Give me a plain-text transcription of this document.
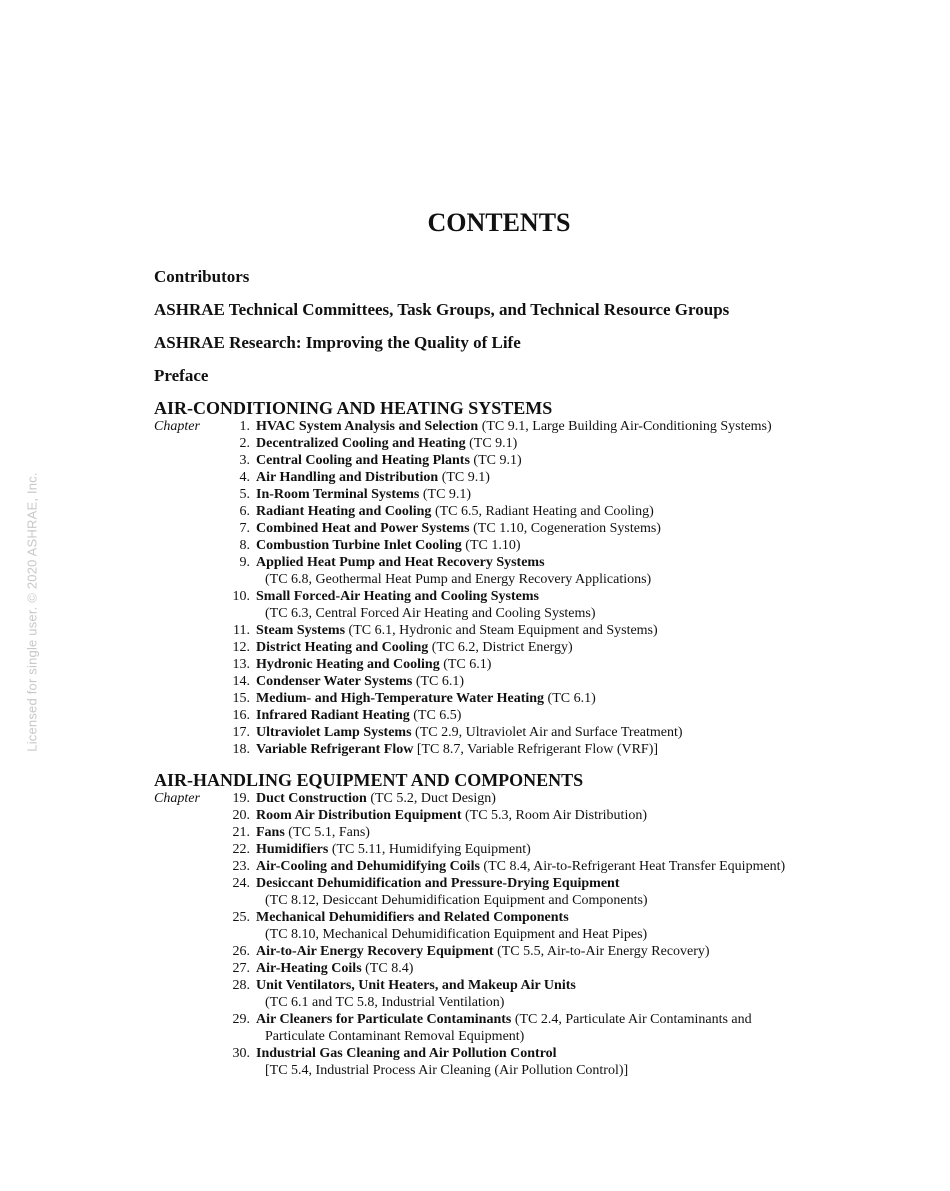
Licensed for single user. © 2020 ASHRAE, Inc.
CONTENTS
Contributors
ASHRAE Technical Committees, Task Groups, and Technical Resource Groups
ASHRAE Research: Improving the Quality of Life
Preface
AIR-CONDITIONING AND HEATING SYSTEMS
Chapter	1. HVAC System Analysis and Selection (TC 9.1, Large Building Air-Conditioning Systems)
2. Decentralized Cooling and Heating (TC 9.1)
3. Central Cooling and Heating Plants (TC 9.1)
4. Air Handling and Distribution (TC 9.1)
5. In-Room Terminal Systems (TC 9.1)
6. Radiant Heating and Cooling (TC 6.5, Radiant Heating and Cooling)
7. Combined Heat and Power Systems (TC 1.10, Cogeneration Systems)
8. Combustion Turbine Inlet Cooling (TC 1.10)
9. Applied Heat Pump and Heat Recovery Systems
(TC 6.8, Geothermal Heat Pump and Energy Recovery Applications)
10. Small Forced-Air Heating and Cooling Systems
(TC 6.3, Central Forced Air Heating and Cooling Systems)
11. Steam Systems (TC 6.1, Hydronic and Steam Equipment and Systems)
12. District Heating and Cooling (TC 6.2, District Energy)
13. Hydronic Heating and Cooling (TC 6.1)
14. Condenser Water Systems (TC 6.1)
15. Medium- and High-Temperature Water Heating (TC 6.1)
16. Infrared Radiant Heating (TC 6.5)
17. Ultraviolet Lamp Systems (TC 2.9, Ultraviolet Air and Surface Treatment)
18. Variable Refrigerant Flow [TC 8.7, Variable Refrigerant Flow (VRF)]
AIR-HANDLING EQUIPMENT AND COMPONENTS
Chapter	19. Duct Construction (TC 5.2, Duct Design)
20. Room Air Distribution Equipment (TC 5.3, Room Air Distribution)
21. Fans (TC 5.1, Fans)
22. Humidifiers (TC 5.11, Humidifying Equipment)
23. Air-Cooling and Dehumidifying Coils (TC 8.4, Air-to-Refrigerant Heat Transfer Equipment)
24. Desiccant Dehumidification and Pressure-Drying Equipment
(TC 8.12, Desiccant Dehumidification Equipment and Components)
25. Mechanical Dehumidifiers and Related Components
(TC 8.10, Mechanical Dehumidification Equipment and Heat Pipes)
26. Air-to-Air Energy Recovery Equipment (TC 5.5, Air-to-Air Energy Recovery)
27. Air-Heating Coils (TC 8.4)
28. Unit Ventilators, Unit Heaters, and Makeup Air Units
(TC 6.1 and TC 5.8, Industrial Ventilation)
29. Air Cleaners for Particulate Contaminants (TC 2.4, Particulate Air Contaminants and
Particulate Contaminant Removal Equipment)
30. Industrial Gas Cleaning and Air Pollution Control
[TC 5.4, Industrial Process Air Cleaning (Air Pollution Control)]
